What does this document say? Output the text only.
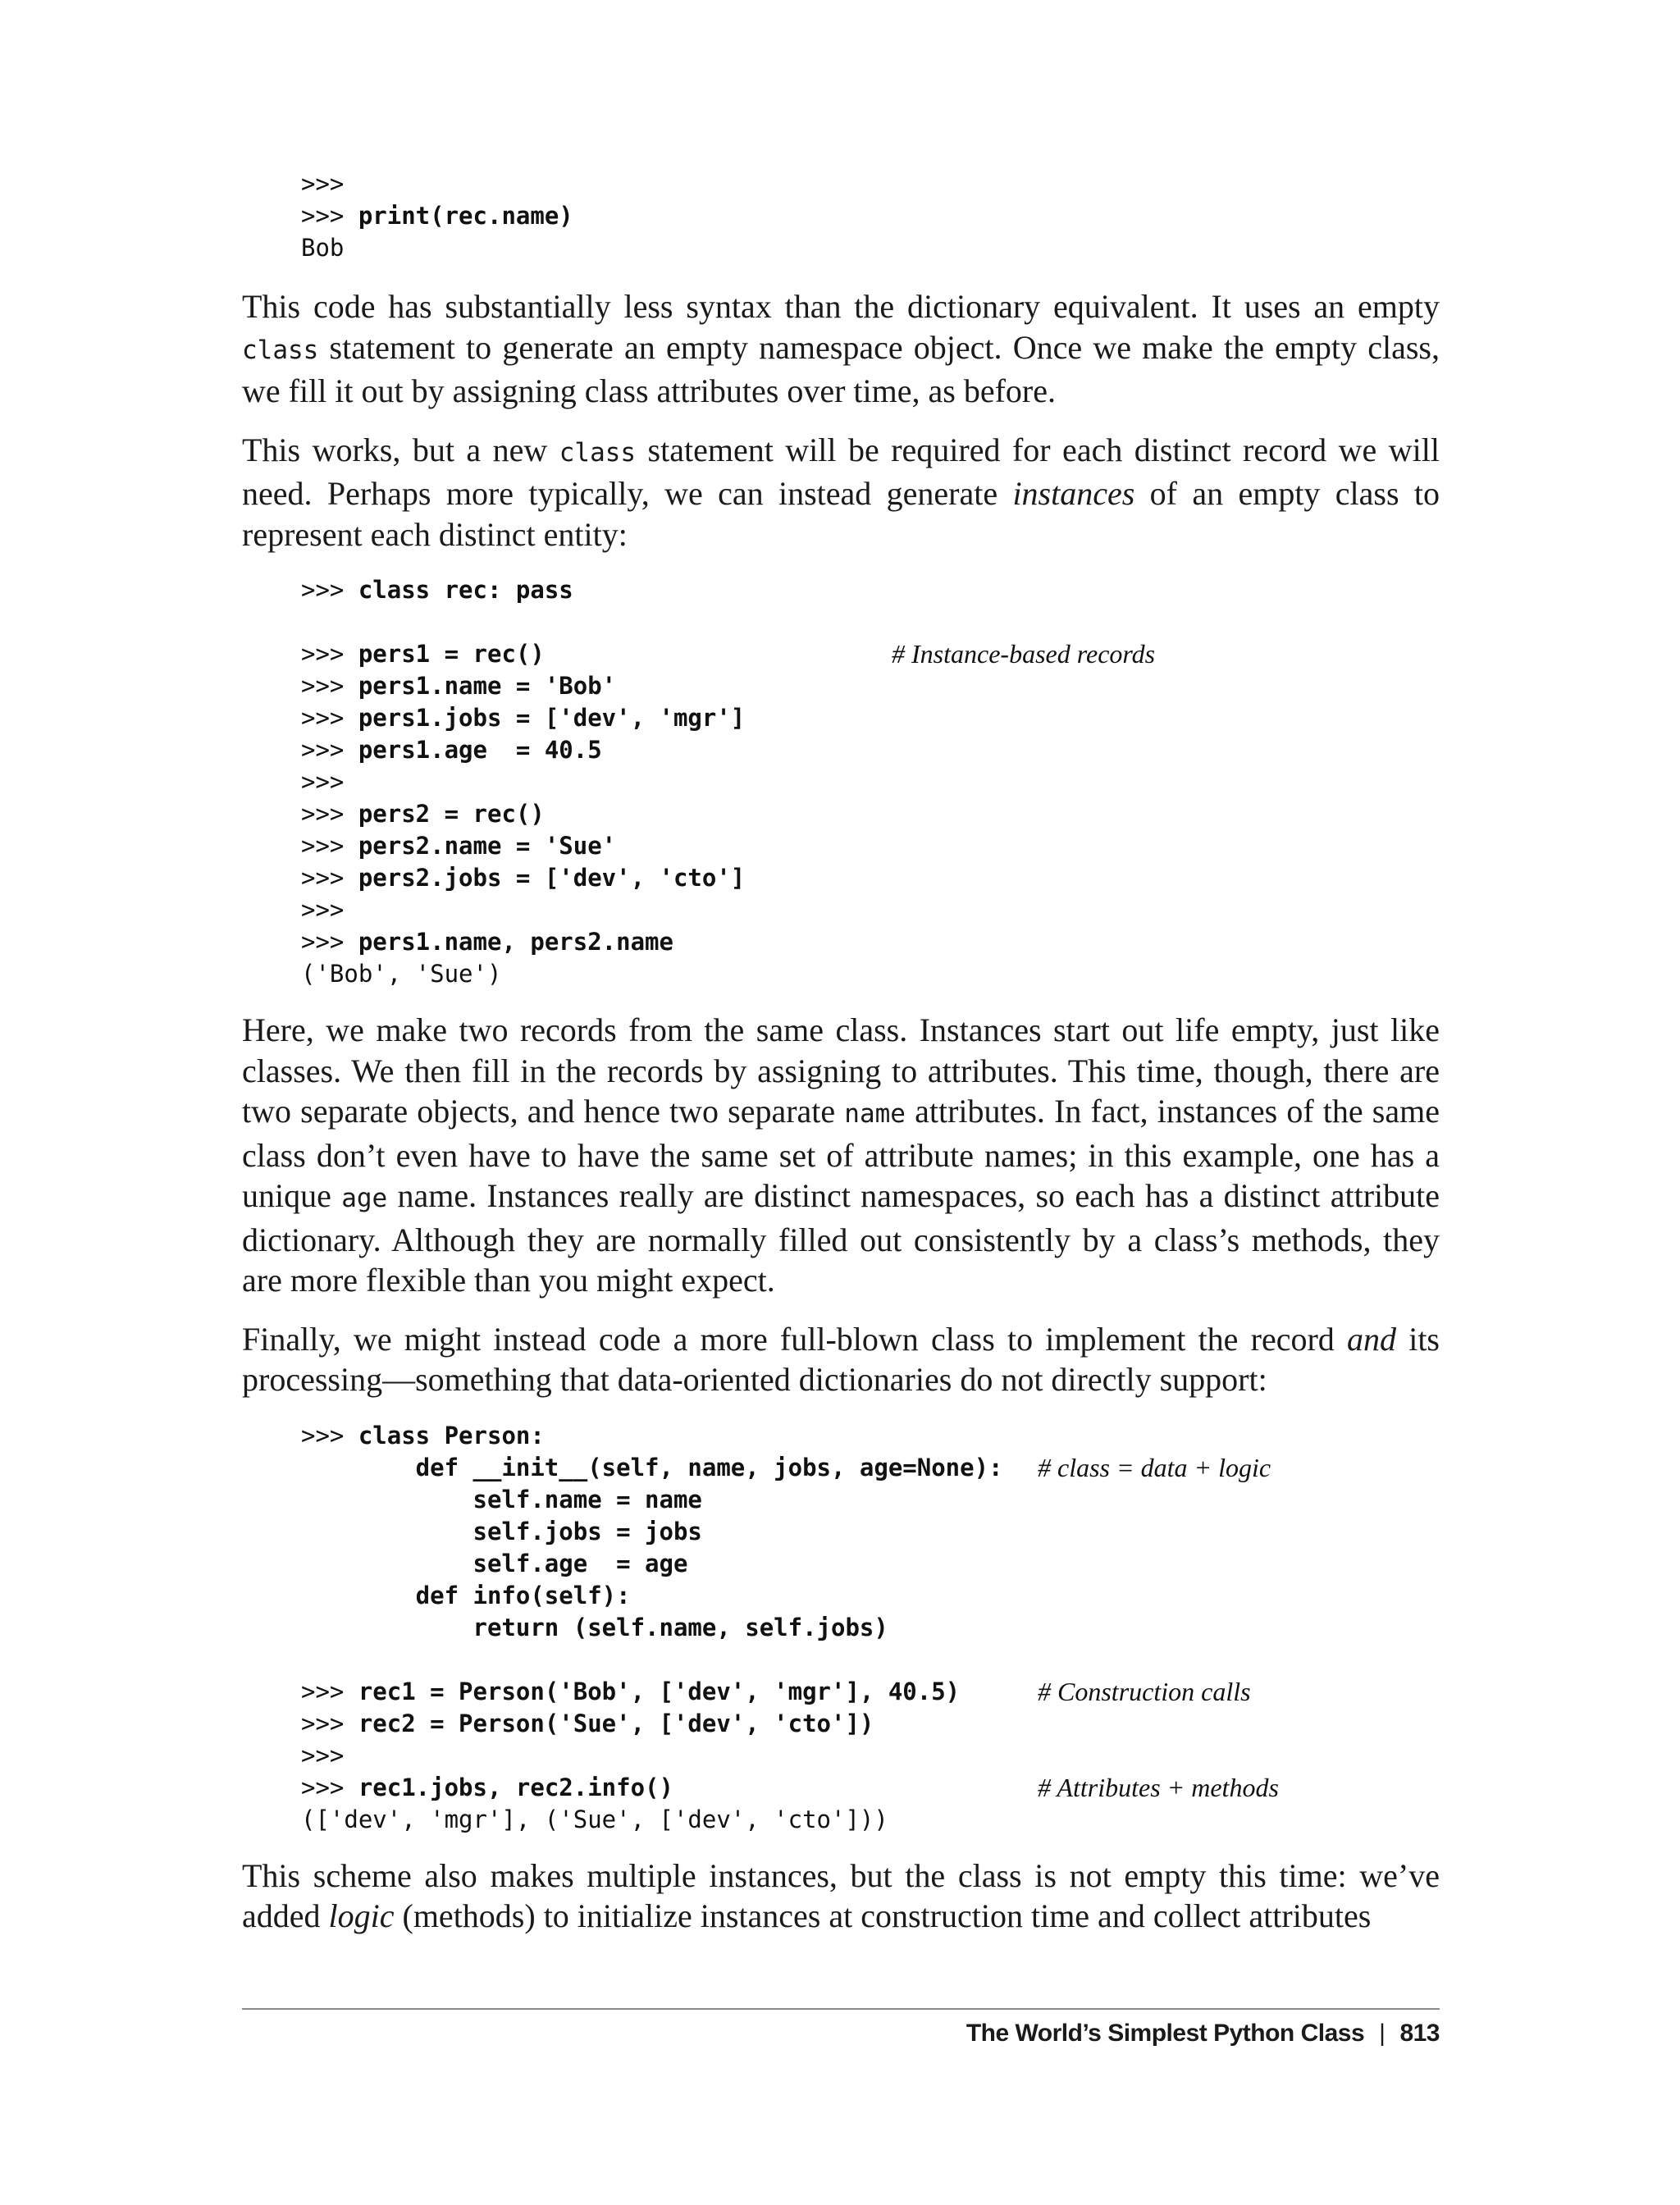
>>>
>>> print(rec.name)
Bob

This code has substantially less syntax than the dictionary equivalent. It uses an empty class statement to generate an empty namespace object. Once we make the empty class, we fill it out by assigning class attributes over time, as before.

This works, but a new class statement will be required for each distinct record we will need. Perhaps more typically, we can instead generate instances of an empty class to represent each distinct entity:

>>> class rec: pass
>>> pers1 = rec()	# Instance-based records
>>> pers1.name = 'Bob'
>>> pers1.jobs = ['dev', 'mgr']
>>> pers1.age  = 40.5
>>>
>>> pers2 = rec()
>>> pers2.name = 'Sue'
>>> pers2.jobs = ['dev', 'cto']
>>>
>>> pers1.name, pers2.name
('Bob', 'Sue')

Here, we make two records from the same class. Instances start out life empty, just like classes. We then fill in the records by assigning to attributes. This time, though, there are two separate objects, and hence two separate name attributes. In fact, instances of the same class don’t even have to have the same set of attribute names; in this example, one has a unique age name. Instances really are distinct namespaces, so each has a distinct attribute dictionary. Although they are normally filled out consistently by a class’s methods, they are more flexible than you might expect.

Finally, we might instead code a more full-blown class to implement the record and its processing—something that data-oriented dictionaries do not directly support:

>>> class Person:
def __init__(self, name, jobs, age=None): # class = data + logic
self.name = name
self.jobs = jobs
self.age  = age
def info(self):
return (self.name, self.jobs)
>>> rec1 = Person('Bob', ['dev', 'mgr'], 40.5)	# Construction calls
>>> rec2 = Person('Sue', ['dev', 'cto'])
>>>
>>> rec1.jobs, rec2.info()	# Attributes + methods
(['dev', 'mgr'], ('Sue', ['dev', 'cto']))

This scheme also makes multiple instances, but the class is not empty this time: we’ve added logic (methods) to initialize instances at construction time and collect attributes

The World’s Simplest Python Class | 813
